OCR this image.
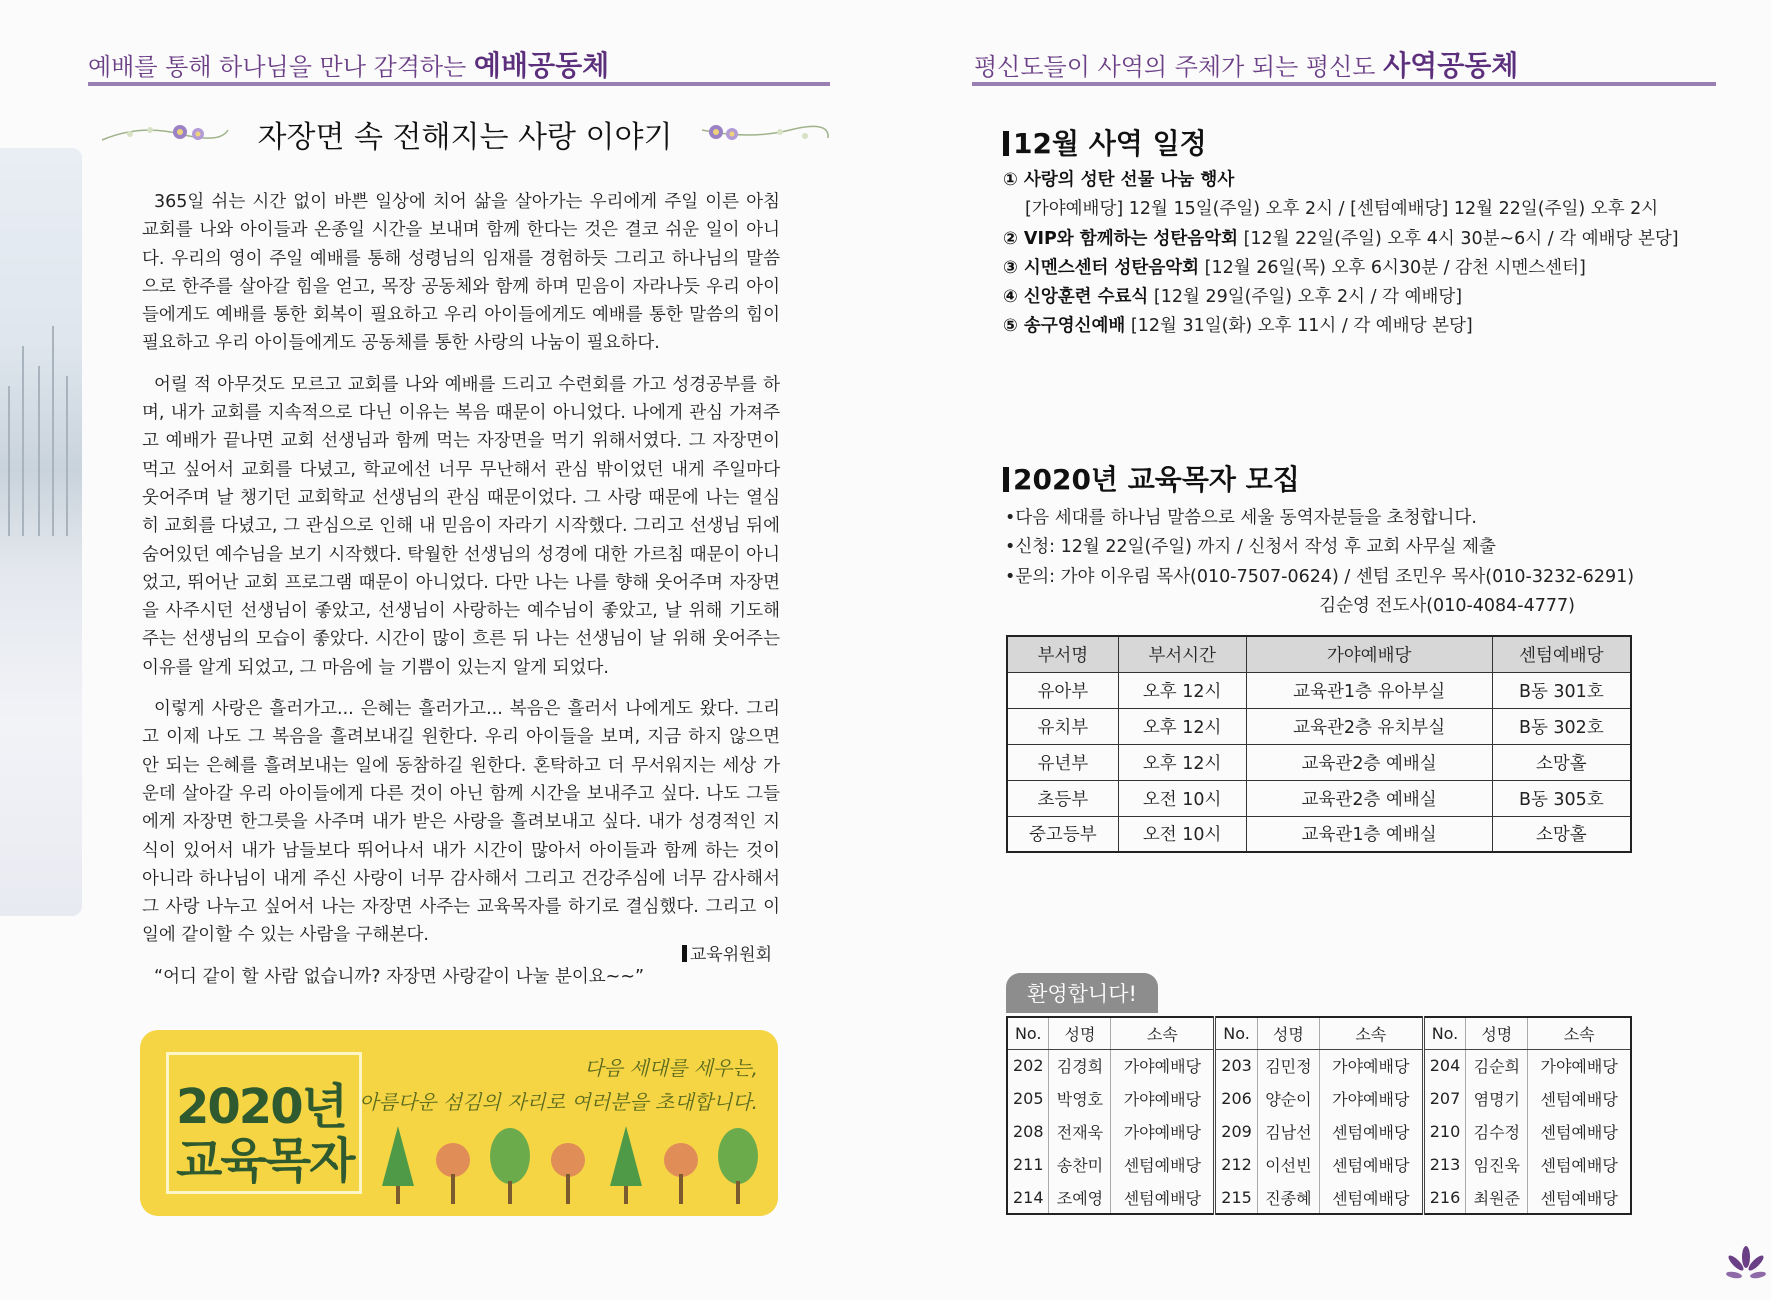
예배를 통해 하나님을 만나 감격하는 예배공동체	평신도들이 사역의 주체가 되는 평신도 사역공동체
자장면 속 전해지는 사랑 이야기

365일 쉬는 시간 없이 바쁜 일상에 치어 삶을 살아가는 우리에게 주일 이른 아침 교회를 나와 아이들과 온종일 시간을 보내며 함께 한다는 것은 결코 쉬운 일이 아니다. 우리의 영이 주일 예배를 통해 성령님의 임재를 경험하듯 그리고 하나님의 말씀으로 한주를 살아갈 힘을 얻고, 목장 공동체와 함께 하며 믿음이 자라나듯 우리 아이들에게도 예배를 통한 회복이 필요하고 우리 아이들에게도 예배를 통한 말씀의 힘이 필요하고 우리 아이들에게도 공동체를 통한 사랑의 나눔이 필요하다.

어릴 적 아무것도 모르고 교회를 나와 예배를 드리고 수련회를 가고 성경공부를 하며, 내가 교회를 지속적으로 다닌 이유는 복음 때문이 아니었다. 나에게 관심 가져주고 예배가 끝나면 교회 선생님과 함께 먹는 자장면을 먹기 위해서였다. 그 자장면이 먹고 싶어서 교회를 다녔고, 학교에선 너무 무난해서 관심 밖이었던 내게 주일마다 웃어주며 날 챙기던 교회학교 선생님의 관심 때문이었다. 그 사랑 때문에 나는 열심히 교회를 다녔고, 그 관심으로 인해 내 믿음이 자라기 시작했다. 그리고 선생님 뒤에 숨어있던 예수님을 보기 시작했다. 탁월한 선생님의 성경에 대한 가르침 때문이 아니었고, 뛰어난 교회 프로그램 때문이 아니었다. 다만 나는 나를 향해 웃어주며 자장면을 사주시던 선생님이 좋았고, 선생님이 사랑하는 예수님이 좋았고, 날 위해 기도해주는 선생님의 모습이 좋았다. 시간이 많이 흐른 뒤 나는 선생님이 날 위해 웃어주는 이유를 알게 되었고, 그 마음에 늘 기쁨이 있는지 알게 되었다.

이렇게 사랑은 흘러가고... 은혜는 흘러가고... 복음은 흘러서 나에게도 왔다. 그리고 이제 나도 그 복음을 흘려보내길 원한다. 우리 아이들을 보며, 지금 하지 않으면 안 되는 은혜를 흘려보내는 일에 동참하길 원한다. 혼탁하고 더 무서워지는 세상 가운데 살아갈 우리 아이들에게 다른 것이 아닌 함께 시간을 보내주고 싶다. 나도 그들에게 자장면 한그릇을 사주며 내가 받은 사랑을 흘려보내고 싶다. 내가 성경적인 지식이 있어서 내가 남들보다 뛰어나서 내가 시간이 많아서 아이들과 함께 하는 것이 아니라 하나님이 내게 주신 사랑이 너무 감사해서 그리고 건강주심에 너무 감사해서 그 사랑 나누고 싶어서 나는 자장면 사주는 교육목자를 하기로 결심했다. 그리고 이 일에 같이할 수 있는 사람을 구해본다.

“어디 같이 할 사람 없습니까? 자장면 사랑같이 나눌 분이요~~”

교육위원회
2020년
교육목자
다음 세대를 세우는,
아름다운 섬김의 자리로 여러분을 초대합니다.
12월 사역 일정
① 사랑의 성탄 선물 나눔 행사
[가야예배당] 12월 15일(주일) 오후 2시 / [센텀예배당] 12월 22일(주일) 오후 2시
② VIP와 함께하는 성탄음악회 [12월 22일(주일) 오후 4시 30분~6시 / 각 예배당 본당]
③ 시멘스센터 성탄음악회 [12월 26일(목) 오후 6시30분 / 감천 시멘스센터]
④ 신앙훈련 수료식 [12월 29일(주일) 오후 2시 / 각 예배당]
⑤ 송구영신예배 [12월 31일(화) 오후 11시 / 각 예배당 본당]
2020년 교육목자 모집
•다음 세대를 하나님 말씀으로 세울 동역자분들을 초청합니다.
•신청: 12월 22일(주일) 까지 / 신청서 작성 후 교회 사무실 제출
•문의: 가야 이우림 목사(010-7507-0624) / 센텀 조민우 목사(010-3232-6291)
김순영 전도사(010-4084-4777)
부서명	부서시간	가야예배당	센텀예배당
유아부	오후 12시	교육관1층 유아부실	B동 301호
유치부	오후 12시	교육관2층 유치부실	B동 302호
유년부	오후 12시	교육관2층 예배실	소망홀
초등부	오전 10시	교육관2층 예배실	B동 305호
중고등부	오전 10시	교육관1층 예배실	소망홀
환영합니다!
No.	성명	소속	No.	성명	소속	No.	성명	소속
202	김경희	가야예배당	203	김민정	가야예배당	204	김순희	가야예배당
205	박영호	가야예배당	206	양순이	가야예배당	207	염명기	센텀예배당
208	전재욱	가야예배당	209	김남선	센텀예배당	210	김수정	센텀예배당
211	송찬미	센텀예배당	212	이선빈	센텀예배당	213	임진욱	센텀예배당
214	조예영	센텀예배당	215	진종혜	센텀예배당	216	최원준	센텀예배당
